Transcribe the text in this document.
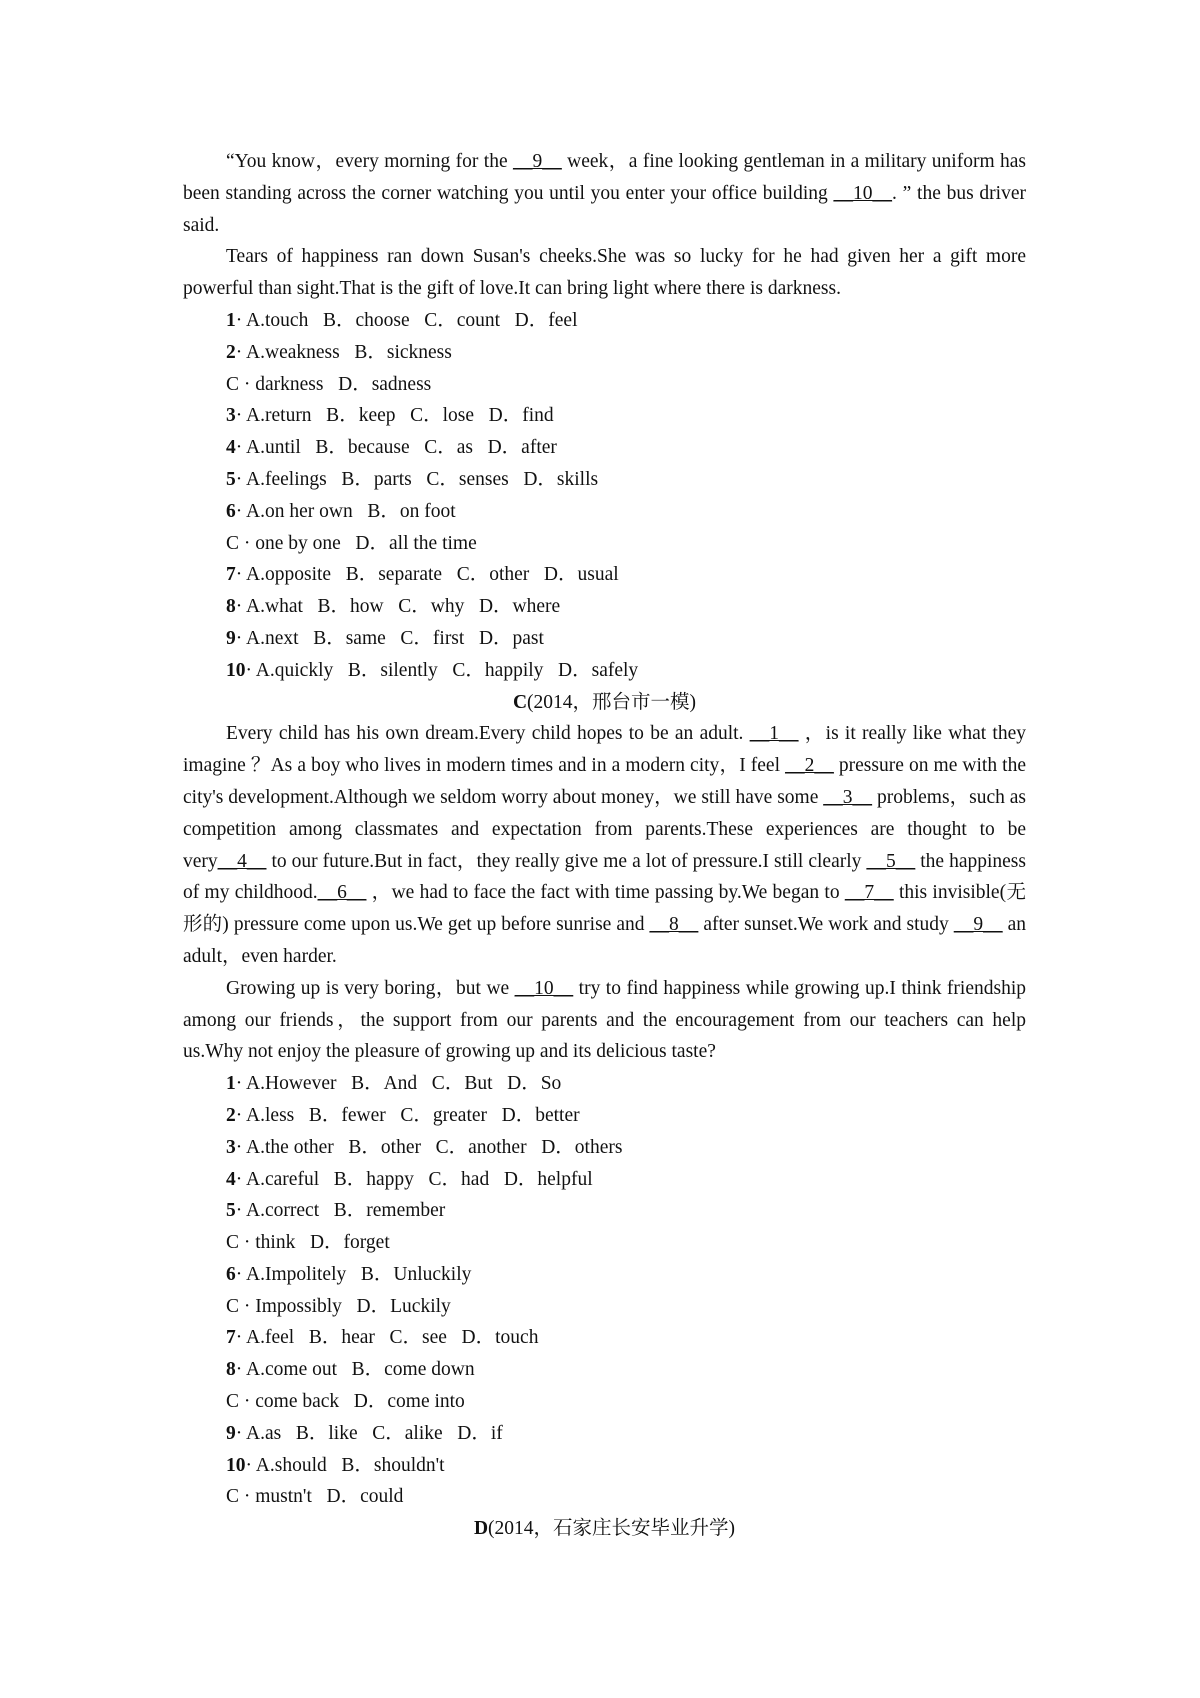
“You know，every morning for the __9__ week，a fine looking gentleman in a military uniform has been standing across the corner watching you until you enter your office building __10__. ” the bus driver said.

Tears of happiness ran down Susan's cheeks.She was so lucky for he had given her a gift more powerful than sight.That is the gift of love.It can bring light where there is darkness.

1· A.touch   B．choose   C．count   D．feel

2· A.weakness   B．sickness

C · darkness   D．sadness

3· A.return   B．keep   C．lose   D．find

4· A.until   B．because   C．as   D．after

5· A.feelings   B．parts   C．senses   D．skills

6· A.on her own   B．on foot

C · one by one   D．all the time

7· A.opposite   B．separate   C．other   D．usual

8· A.what   B．how   C．why   D．where

9· A.next   B．same   C．first   D．past

10· A.quickly   B．silently   C．happily   D．safely

C(2014，邢台市一模)

Every child has his own dream.Every child hopes to be an adult. __1__ ，is it really like what they imagine ？As a boy who lives in modern times and in a modern city，I feel __2__ pressure on me with the city's development.Although we seldom worry about money，we still have some __3__ problems，such as competition among classmates and expectation from parents.These experiences are thought to be very__4__ to our future.But in fact，they really give me a lot of pressure.I still clearly __5__ the happiness of my childhood.__6__ ，we had to face the fact with time passing by.We began to __7__ this invisible(无形的) pressure come upon us.We get up before sunrise and __8__ after sunset.We work and study __9__ an adult，even harder.

Growing up is very boring，but we __10__ try to find happiness while growing up.I think friendship among our friends，the support from our parents and the encouragement from our teachers can help us.Why not enjoy the pleasure of growing up and its delicious taste?

1· A.However   B．And   C．But   D．So

2· A.less   B．fewer   C．greater   D．better

3· A.the other   B．other   C．another   D．others

4· A.careful   B．happy   C．had   D．helpful

5· A.correct   B．remember

C · think   D．forget

6· A.Impolitely   B．Unluckily

C · Impossibly   D．Luckily

7· A.feel   B．hear   C．see   D．touch

8· A.come out   B．come down

C · come back   D．come into

9· A.as   B．like   C．alike   D．if

10· A.should   B．shouldn't

C · mustn't   D．could

D(2014，石家庄长安毕业升学)
